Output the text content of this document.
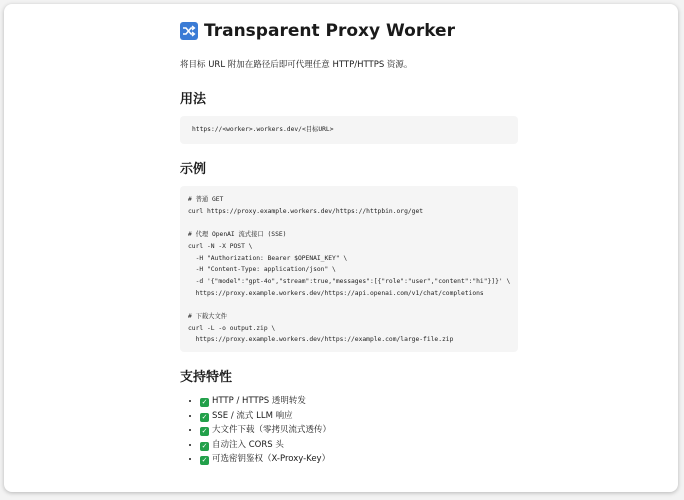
Transparent Proxy Worker

将目标 URL 附加在路径后即可代理任意 HTTP/HTTPS 资源。

用法
https://<worker>.workers.dev/<目标URL>
示例
# 普通 GET
curl https://proxy.example.workers.dev/https://httpbin.org/get

# 代理 OpenAI 流式接口 (SSE)
curl -N -X POST \
-H "Authorization: Bearer $OPENAI_KEY" \
-H "Content-Type: application/json" \
-d '{"model":"gpt-4o","stream":true,"messages":[{"role":"user","content":"hi"}]}' \
https://proxy.example.workers.dev/https://api.openai.com/v1/chat/completions

# 下载大文件
curl -L -o output.zip \
https://proxy.example.workers.dev/https://example.com/large-file.zip
支持特性
• ✓ HTTP / HTTPS 透明转发
• ✓ SSE / 流式 LLM 响应
• ✓ 大文件下载（零拷贝流式透传）
• ✓ 自动注入 CORS 头
• ✓ 可选密钥鉴权（X-Proxy-Key）
